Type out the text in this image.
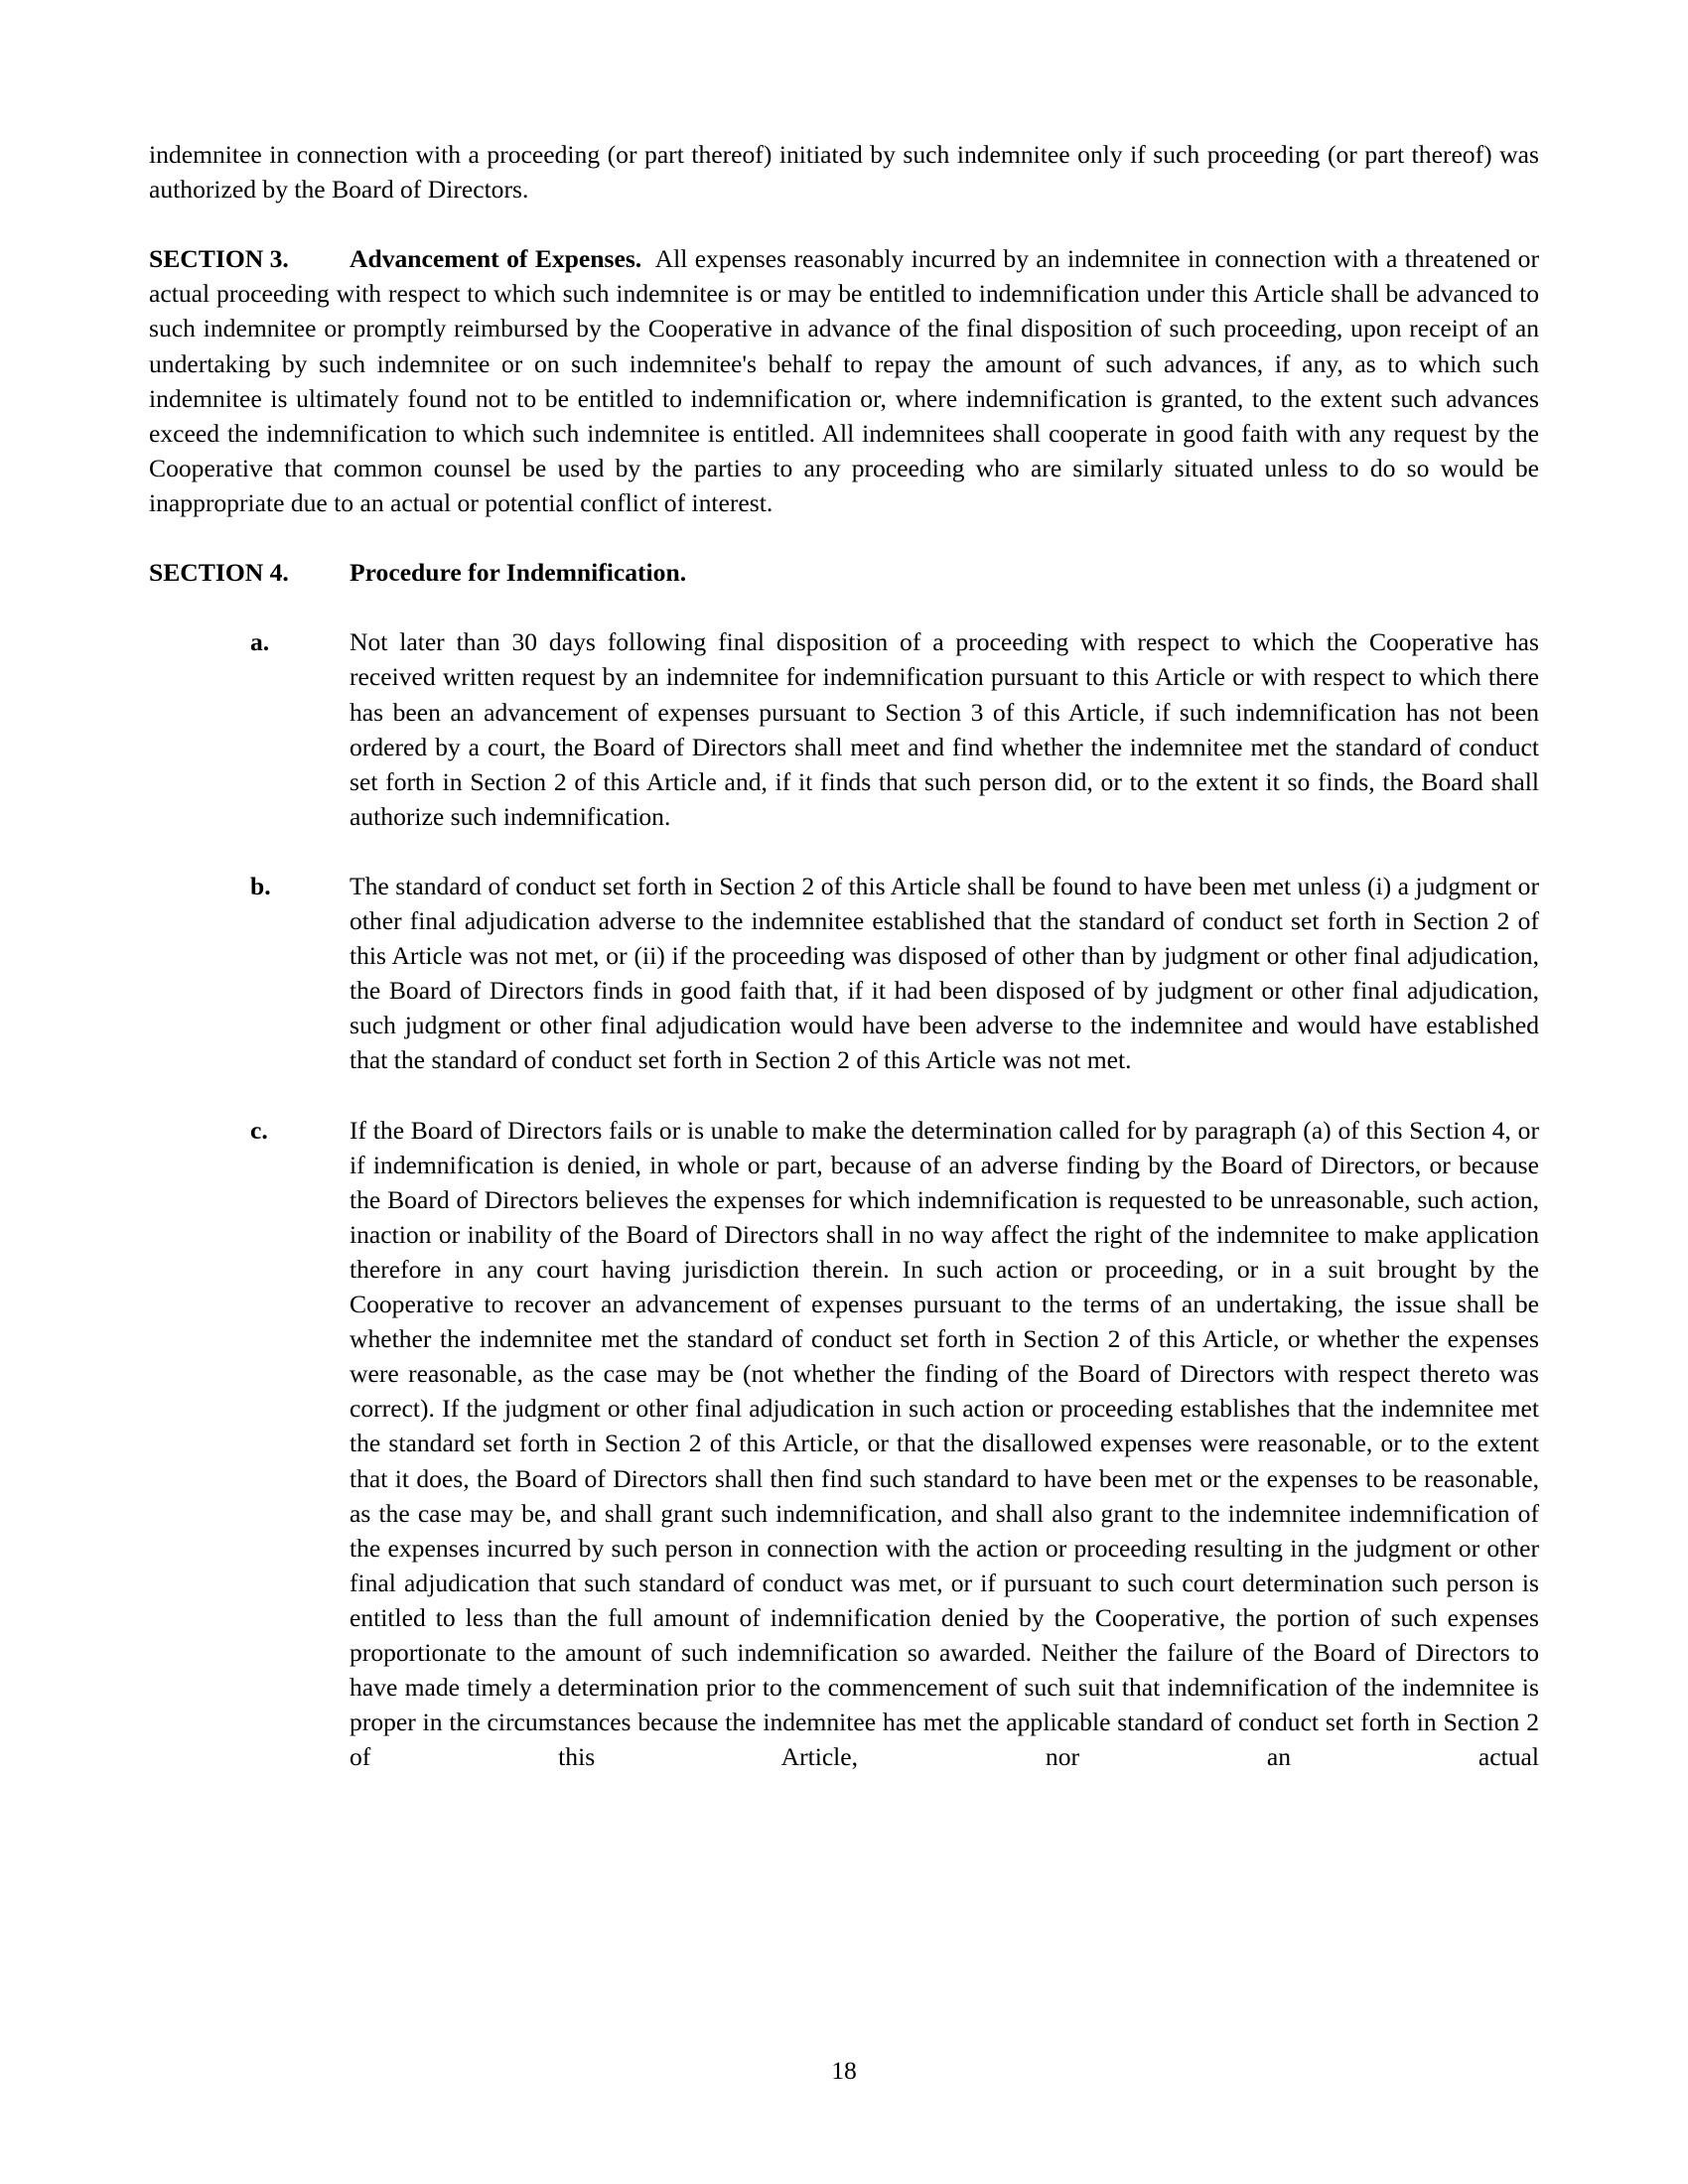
indemnitee in connection with a proceeding (or part thereof) initiated by such indemnitee only if such proceeding (or part thereof) was authorized by the Board of Directors.

SECTION 3. Advancement of Expenses. All expenses reasonably incurred by an indemnitee in connection with a threatened or actual proceeding with respect to which such indemnitee is or may be entitled to indemnification under this Article shall be advanced to such indemnitee or promptly reimbursed by the Cooperative in advance of the final disposition of such proceeding, upon receipt of an undertaking by such indemnitee or on such indemnitee's behalf to repay the amount of such advances, if any, as to which such indemnitee is ultimately found not to be entitled to indemnification or, where indemnification is granted, to the extent such advances exceed the indemnification to which such indemnitee is entitled. All indemnitees shall cooperate in good faith with any request by the Cooperative that common counsel be used by the parties to any proceeding who are similarly situated unless to do so would be inappropriate due to an actual or potential conflict of interest.

SECTION 4. Procedure for Indemnification.

a.	Not later than 30 days following final disposition of a proceeding with respect to which the Cooperative has received written request by an indemnitee for indemnification pursuant to this Article or with respect to which there has been an advancement of expenses pursuant to Section 3 of this Article, if such indemnification has not been ordered by a court, the Board of Directors shall meet and find whether the indemnitee met the standard of conduct set forth in Section 2 of this Article and, if it finds that such person did, or to the extent it so finds, the Board shall authorize such indemnification.
b.	The standard of conduct set forth in Section 2 of this Article shall be found to have been met unless (i) a judgment or other final adjudication adverse to the indemnitee established that the standard of conduct set forth in Section 2 of this Article was not met, or (ii) if the proceeding was disposed of other than by judgment or other final adjudication, the Board of Directors finds in good faith that, if it had been disposed of by judgment or other final adjudication, such judgment or other final adjudication would have been adverse to the indemnitee and would have established that the standard of conduct set forth in Section 2 of this Article was not met.
c.	If the Board of Directors fails or is unable to make the determination called for by paragraph (a) of this Section 4, or if indemnification is denied, in whole or part, because of an adverse finding by the Board of Directors, or because the Board of Directors believes the expenses for which indemnification is requested to be unreasonable, such action, inaction or inability of the Board of Directors shall in no way affect the right of the indemnitee to make application therefore in any court having jurisdiction therein. In such action or proceeding, or in a suit brought by the Cooperative to recover an advancement of expenses pursuant to the terms of an undertaking, the issue shall be whether the indemnitee met the standard of conduct set forth in Section 2 of this Article, or whether the expenses were reasonable, as the case may be (not whether the finding of the Board of Directors with respect thereto was correct). If the judgment or other final adjudication in such action or proceeding establishes that the indemnitee met the standard set forth in Section 2 of this Article, or that the disallowed expenses were reasonable, or to the extent that it does, the Board of Directors shall then find such standard to have been met or the expenses to be reasonable, as the case may be, and shall grant such indemnification, and shall also grant to the indemnitee indemnification of the expenses incurred by such person in connection with the action or proceeding resulting in the judgment or other final adjudication that such standard of conduct was met, or if pursuant to such court determination such person is entitled to less than the full amount of indemnification denied by the Cooperative, the portion of such expenses proportionate to the amount of such indemnification so awarded. Neither the failure of the Board of Directors to have made timely a determination prior to the commencement of such suit that indemnification of the indemnitee is proper in the circumstances because the indemnitee has met the applicable standard of conduct set forth in Section 2 of this Article, nor an actual
18
